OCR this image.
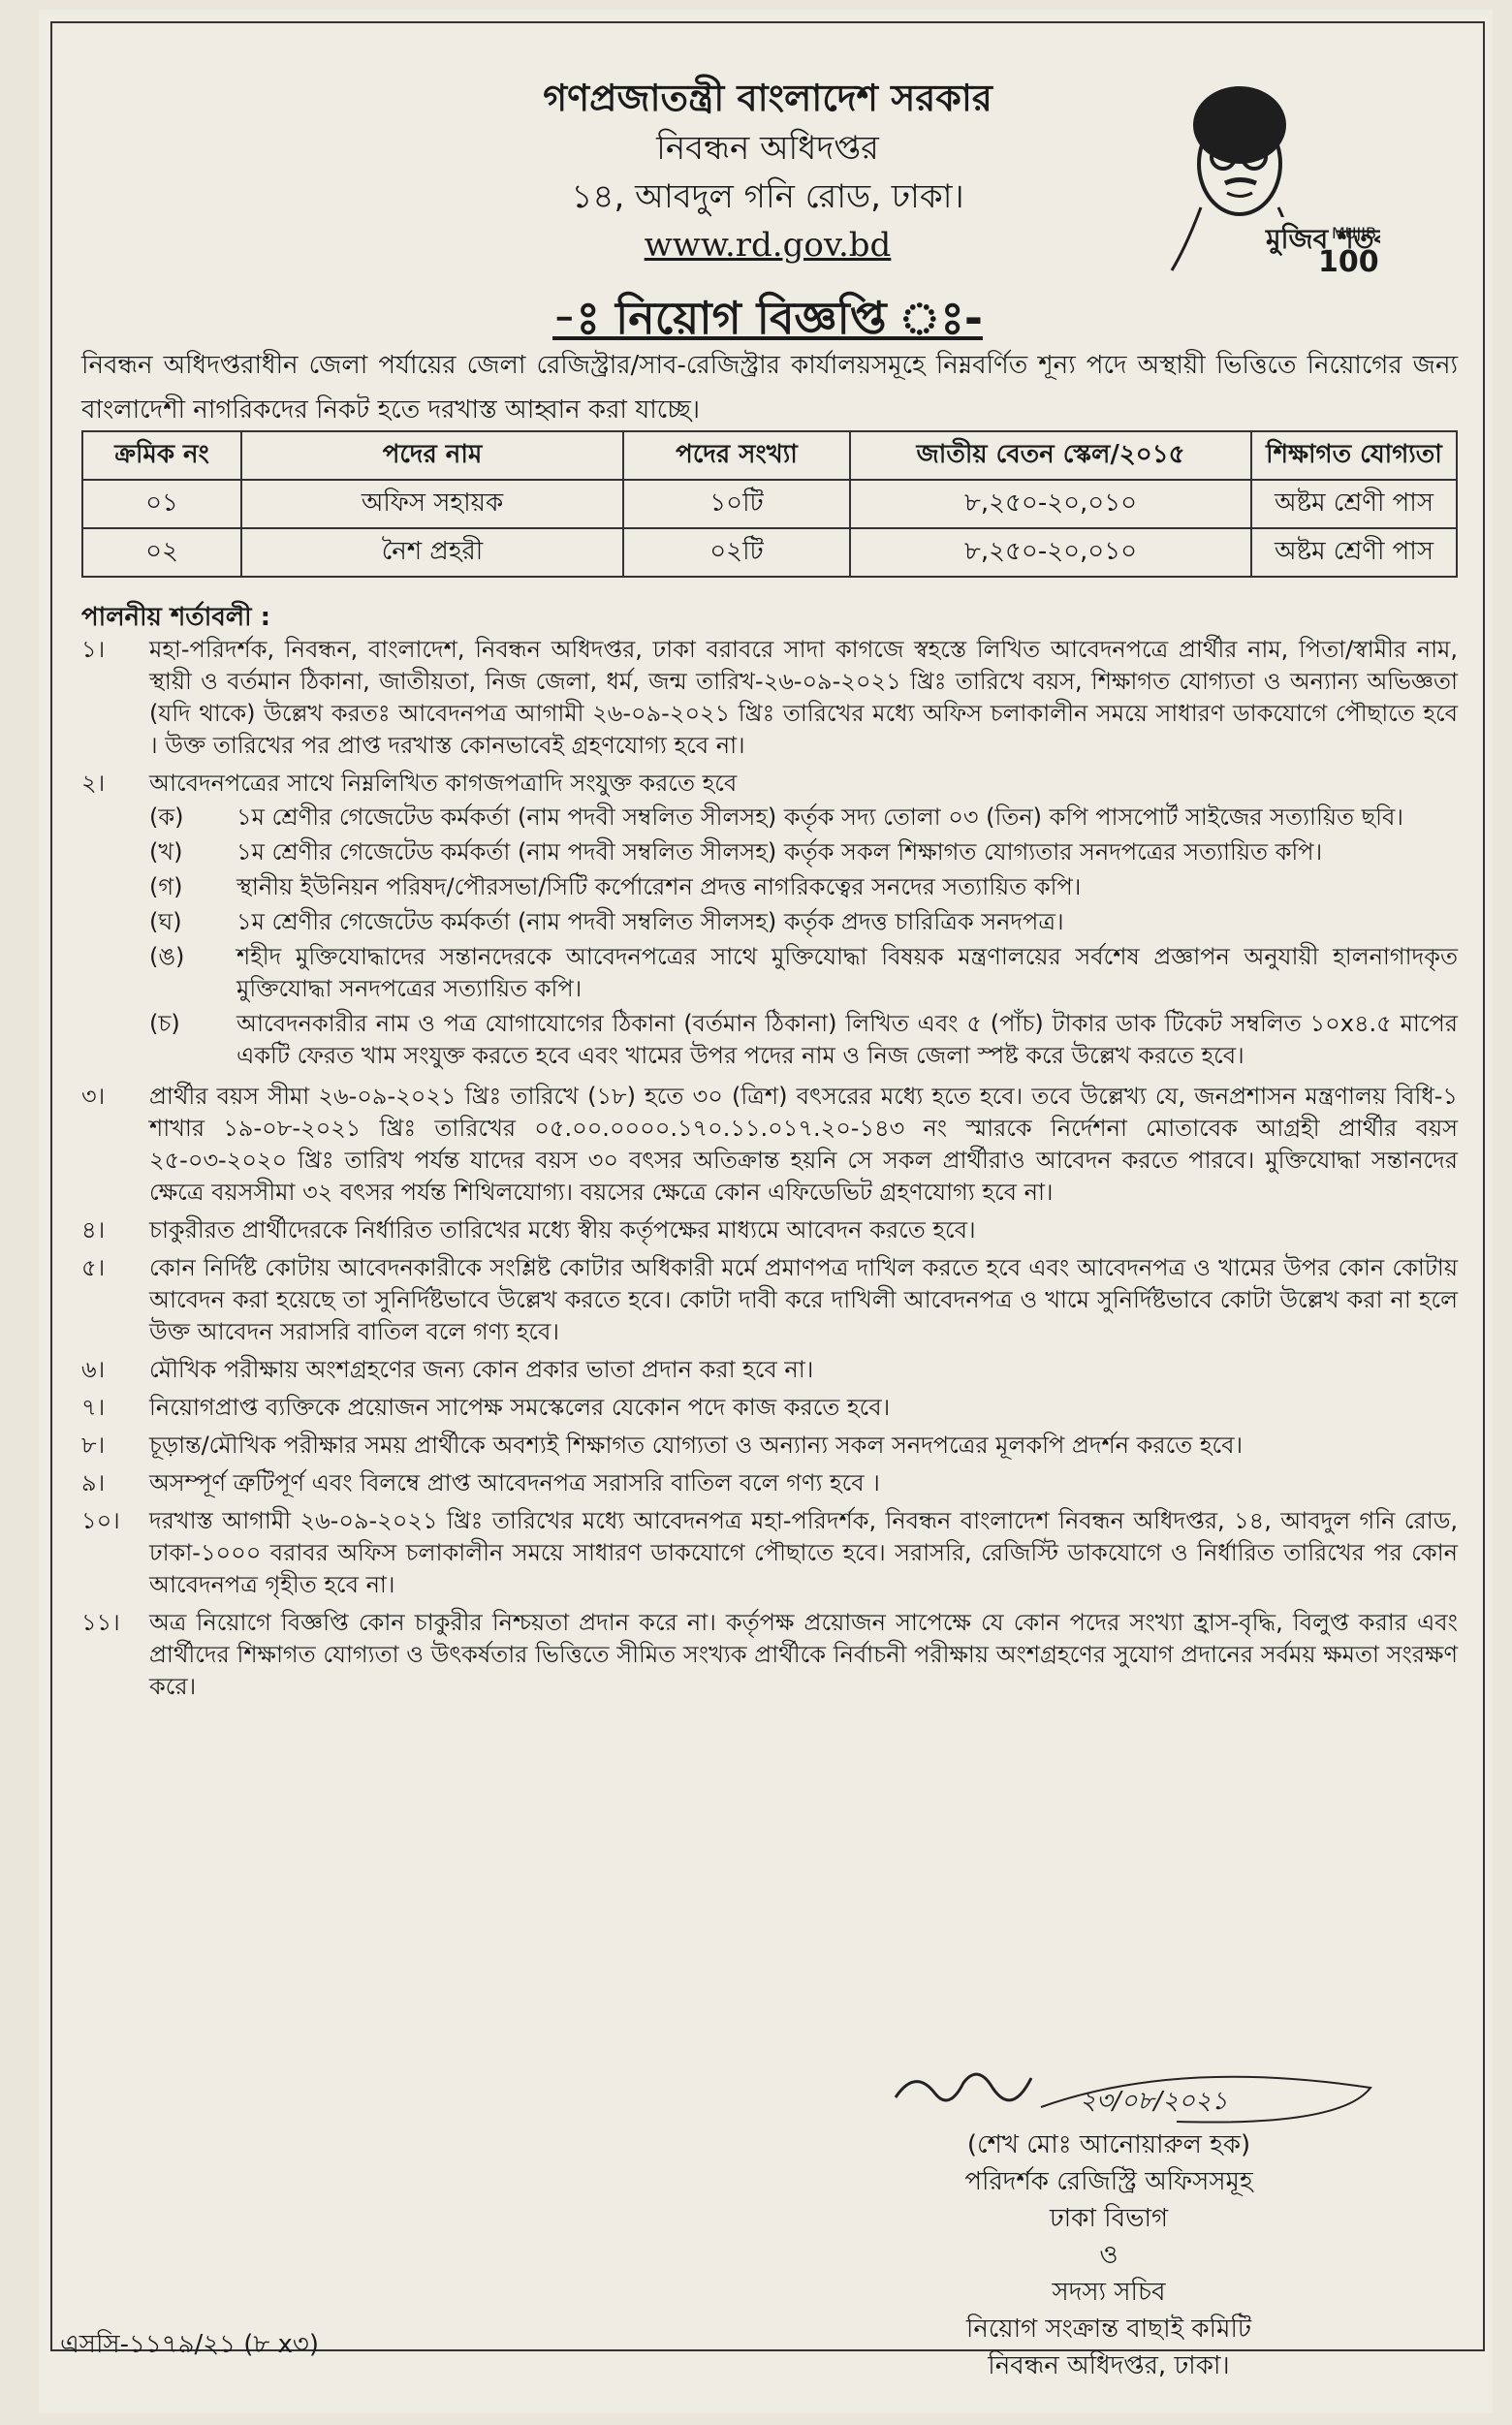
গণপ্রজাতন্ত্রী বাংলাদেশ সরকার
নিবন্ধন অধিদপ্তর
১৪, আবদুল গনি রোড, ঢাকা।
www.rd.gov.bd	মুজিব শত
MUJIB
100
-ঃ নিয়োগ বিজ্ঞপ্তি ঃ-
নিবন্ধন অধিদপ্তরাধীন জেলা পর্যায়ের জেলা রেজিস্ট্রার/সাব-রেজিস্ট্রার কার্যালয়সমূহে নিম্নবর্ণিত শূন্য পদে অস্থায়ী ভিত্তিতে নিয়োগের জন্য বাংলাদেশী নাগরিকদের নিকট হতে দরখাস্ত আহ্বান করা যাচ্ছে।
ক্রমিক নং	পদের নাম	পদের সংখ্যা	জাতীয় বেতন স্কেল/২০১৫	শিক্ষাগত যোগ্যতা
০১	অফিস সহায়ক	১০টি	৮,২৫০-২০,০১০	অষ্টম শ্রেণী পাস
০২	নৈশ প্রহরী	০২টি	৮,২৫০-২০,০১০	অষ্টম শ্রেণী পাস
পালনীয় শর্তাবলী :
১।	মহা-পরিদর্শক, নিবন্ধন, বাংলাদেশ, নিবন্ধন অধিদপ্তর, ঢাকা বরাবরে সাদা কাগজে স্বহস্তে লিখিত আবেদনপত্রে প্রার্থীর নাম, পিতা/স্বামীর নাম, স্থায়ী ও বর্তমান ঠিকানা, জাতীয়তা, নিজ জেলা, ধর্ম, জন্ম তারিখ-২৬-০৯-২০২১ খ্রিঃ তারিখে বয়স, শিক্ষাগত যোগ্যতা ও অন্যান্য অভিজ্ঞতা (যদি থাকে) উল্লেখ করতঃ আবেদনপত্র আগামী ২৬-০৯-২০২১ খ্রিঃ তারিখের মধ্যে অফিস চলাকালীন সময়ে সাধারণ ডাকযোগে পৌছাতে হবে । উক্ত তারিখের পর প্রাপ্ত দরখাস্ত কোনভাবেই গ্রহণযোগ্য হবে না।
২।	আবেদনপত্রের সাথে নিম্নলিখিত কাগজপত্রাদি সংযুক্ত করতে হবে
(ক)	১ম শ্রেণীর গেজেটেড কর্মকর্তা (নাম পদবী সম্বলিত সীলসহ) কর্তৃক সদ্য তোলা ০৩ (তিন) কপি পাসপোর্ট সাইজের সত্যায়িত ছবি।
(খ)	১ম শ্রেণীর গেজেটেড কর্মকর্তা (নাম পদবী সম্বলিত সীলসহ) কর্তৃক সকল শিক্ষাগত যোগ্যতার সনদপত্রের সত্যায়িত কপি।
(গ)	স্থানীয় ইউনিয়ন পরিষদ/পৌরসভা/সিটি কর্পোরেশন প্রদত্ত নাগরিকত্বের সনদের সত্যায়িত কপি।
(ঘ)	১ম শ্রেণীর গেজেটেড কর্মকর্তা (নাম পদবী সম্বলিত সীলসহ) কর্তৃক প্রদত্ত চারিত্রিক সনদপত্র।
(ঙ)	শহীদ মুক্তিযোদ্ধাদের সন্তানদেরকে আবেদনপত্রের সাথে মুক্তিযোদ্ধা বিষয়ক মন্ত্রণালয়ের সর্বশেষ প্রজ্ঞাপন অনুযায়ী হালনাগাদকৃত মুক্তিযোদ্ধা সনদপত্রের সত্যায়িত কপি।
(চ)	আবেদনকারীর নাম ও পত্র যোগাযোগের ঠিকানা (বর্তমান ঠিকানা) লিখিত এবং ৫ (পাঁচ) টাকার ডাক টিকেট সম্বলিত ১০x৪.৫ মাপের একটি ফেরত খাম সংযুক্ত করতে হবে এবং খামের উপর পদের নাম ও নিজ জেলা স্পষ্ট করে উল্লেখ করতে হবে।
৩।	প্রার্থীর বয়স সীমা ২৬-০৯-২০২১ খ্রিঃ তারিখে (১৮) হতে ৩০ (ত্রিশ) বৎসরের মধ্যে হতে হবে। তবে উল্লেখ্য যে, জনপ্রশাসন মন্ত্রণালয় বিধি-১ শাখার ১৯-০৮-২০২১ খ্রিঃ তারিখের ০৫.০০.০০০০.১৭০.১১.০১৭.২০-১৪৩ নং স্মারকে নির্দেশনা মোতাবেক আগ্রহী প্রার্থীর বয়স ২৫-০৩-২০২০ খ্রিঃ তারিখ পর্যন্ত যাদের বয়স ৩০ বৎসর অতিক্রান্ত হয়নি সে সকল প্রার্থীরাও আবেদন করতে পারবে। মুক্তিযোদ্ধা সন্তানদের ক্ষেত্রে বয়সসীমা ৩২ বৎসর পর্যন্ত শিথিলযোগ্য। বয়সের ক্ষেত্রে কোন এফিডেভিট গ্রহণযোগ্য হবে না।
৪।	চাকুরীরত প্রার্থীদেরকে নির্ধারিত তারিখের মধ্যে স্বীয় কর্তৃপক্ষের মাধ্যমে আবেদন করতে হবে।
৫।	কোন নির্দিষ্ট কোটায় আবেদনকারীকে সংশ্লিষ্ট কোটার অধিকারী মর্মে প্রমাণপত্র দাখিল করতে হবে এবং আবেদনপত্র ও খামের উপর কোন কোটায় আবেদন করা হয়েছে তা সুনির্দিষ্টভাবে উল্লেখ করতে হবে। কোটা দাবী করে দাখিলী আবেদনপত্র ও খামে সুনির্দিষ্টভাবে কোটা উল্লেখ করা না হলে উক্ত আবেদন সরাসরি বাতিল বলে গণ্য হবে।
৬।	মৌখিক পরীক্ষায় অংশগ্রহণের জন্য কোন প্রকার ভাতা প্রদান করা হবে না।
৭।	নিয়োগপ্রাপ্ত ব্যক্তিকে প্রয়োজন সাপেক্ষ সমস্কেলের যেকোন পদে কাজ করতে হবে।
৮।	চূড়ান্ত/মৌখিক পরীক্ষার সময় প্রার্থীকে অবশ্যই শিক্ষাগত যোগ্যতা ও অন্যান্য সকল সনদপত্রের মূলকপি প্রদর্শন করতে হবে।
৯।	অসম্পূর্ণ ত্রুটিপূর্ণ এবং বিলম্বে প্রাপ্ত আবেদনপত্র সরাসরি বাতিল বলে গণ্য হবে ।
১০।	দরখাস্ত আগামী ২৬-০৯-২০২১ খ্রিঃ তারিখের মধ্যে আবেদনপত্র মহা-পরিদর্শক, নিবন্ধন বাংলাদেশ নিবন্ধন অধিদপ্তর, ১৪, আবদুল গনি রোড, ঢাকা-১০০০ বরাবর অফিস চলাকালীন সময়ে সাধারণ ডাকযোগে পৌছাতে হবে। সরাসরি, রেজিস্টি ডাকযোগে ও নির্ধারিত তারিখের পর কোন আবেদনপত্র গৃহীত হবে না।
১১।	অত্র নিয়োগে বিজ্ঞপ্তি কোন চাকুরীর নিশ্চয়তা প্রদান করে না। কর্তৃপক্ষ প্রয়োজন সাপেক্ষে যে কোন পদের সংখ্যা হ্রাস-বৃদ্ধি, বিলুপ্ত করার এবং প্রার্থীদের শিক্ষাগত যোগ্যতা ও উৎকর্ষতার ভিত্তিতে সীমিত সংখ্যক প্রার্থীকে নির্বাচনী পরীক্ষায় অংশগ্রহণের সুযোগ প্রদানের সর্বময় ক্ষমতা সংরক্ষণ করে।
২৩/০৮/২০২১
(শেখ মোঃ আনোয়ারুল হক)
পরিদর্শক রেজিস্ট্রি অফিসসমূহ
ঢাকা বিভাগ
ও
সদস্য সচিব
নিয়োগ সংক্রান্ত বাছাই কমিটি
নিবন্ধন অধিদপ্তর, ঢাকা।
এসসি-১১৭৯/২১ (৮ x৩)
